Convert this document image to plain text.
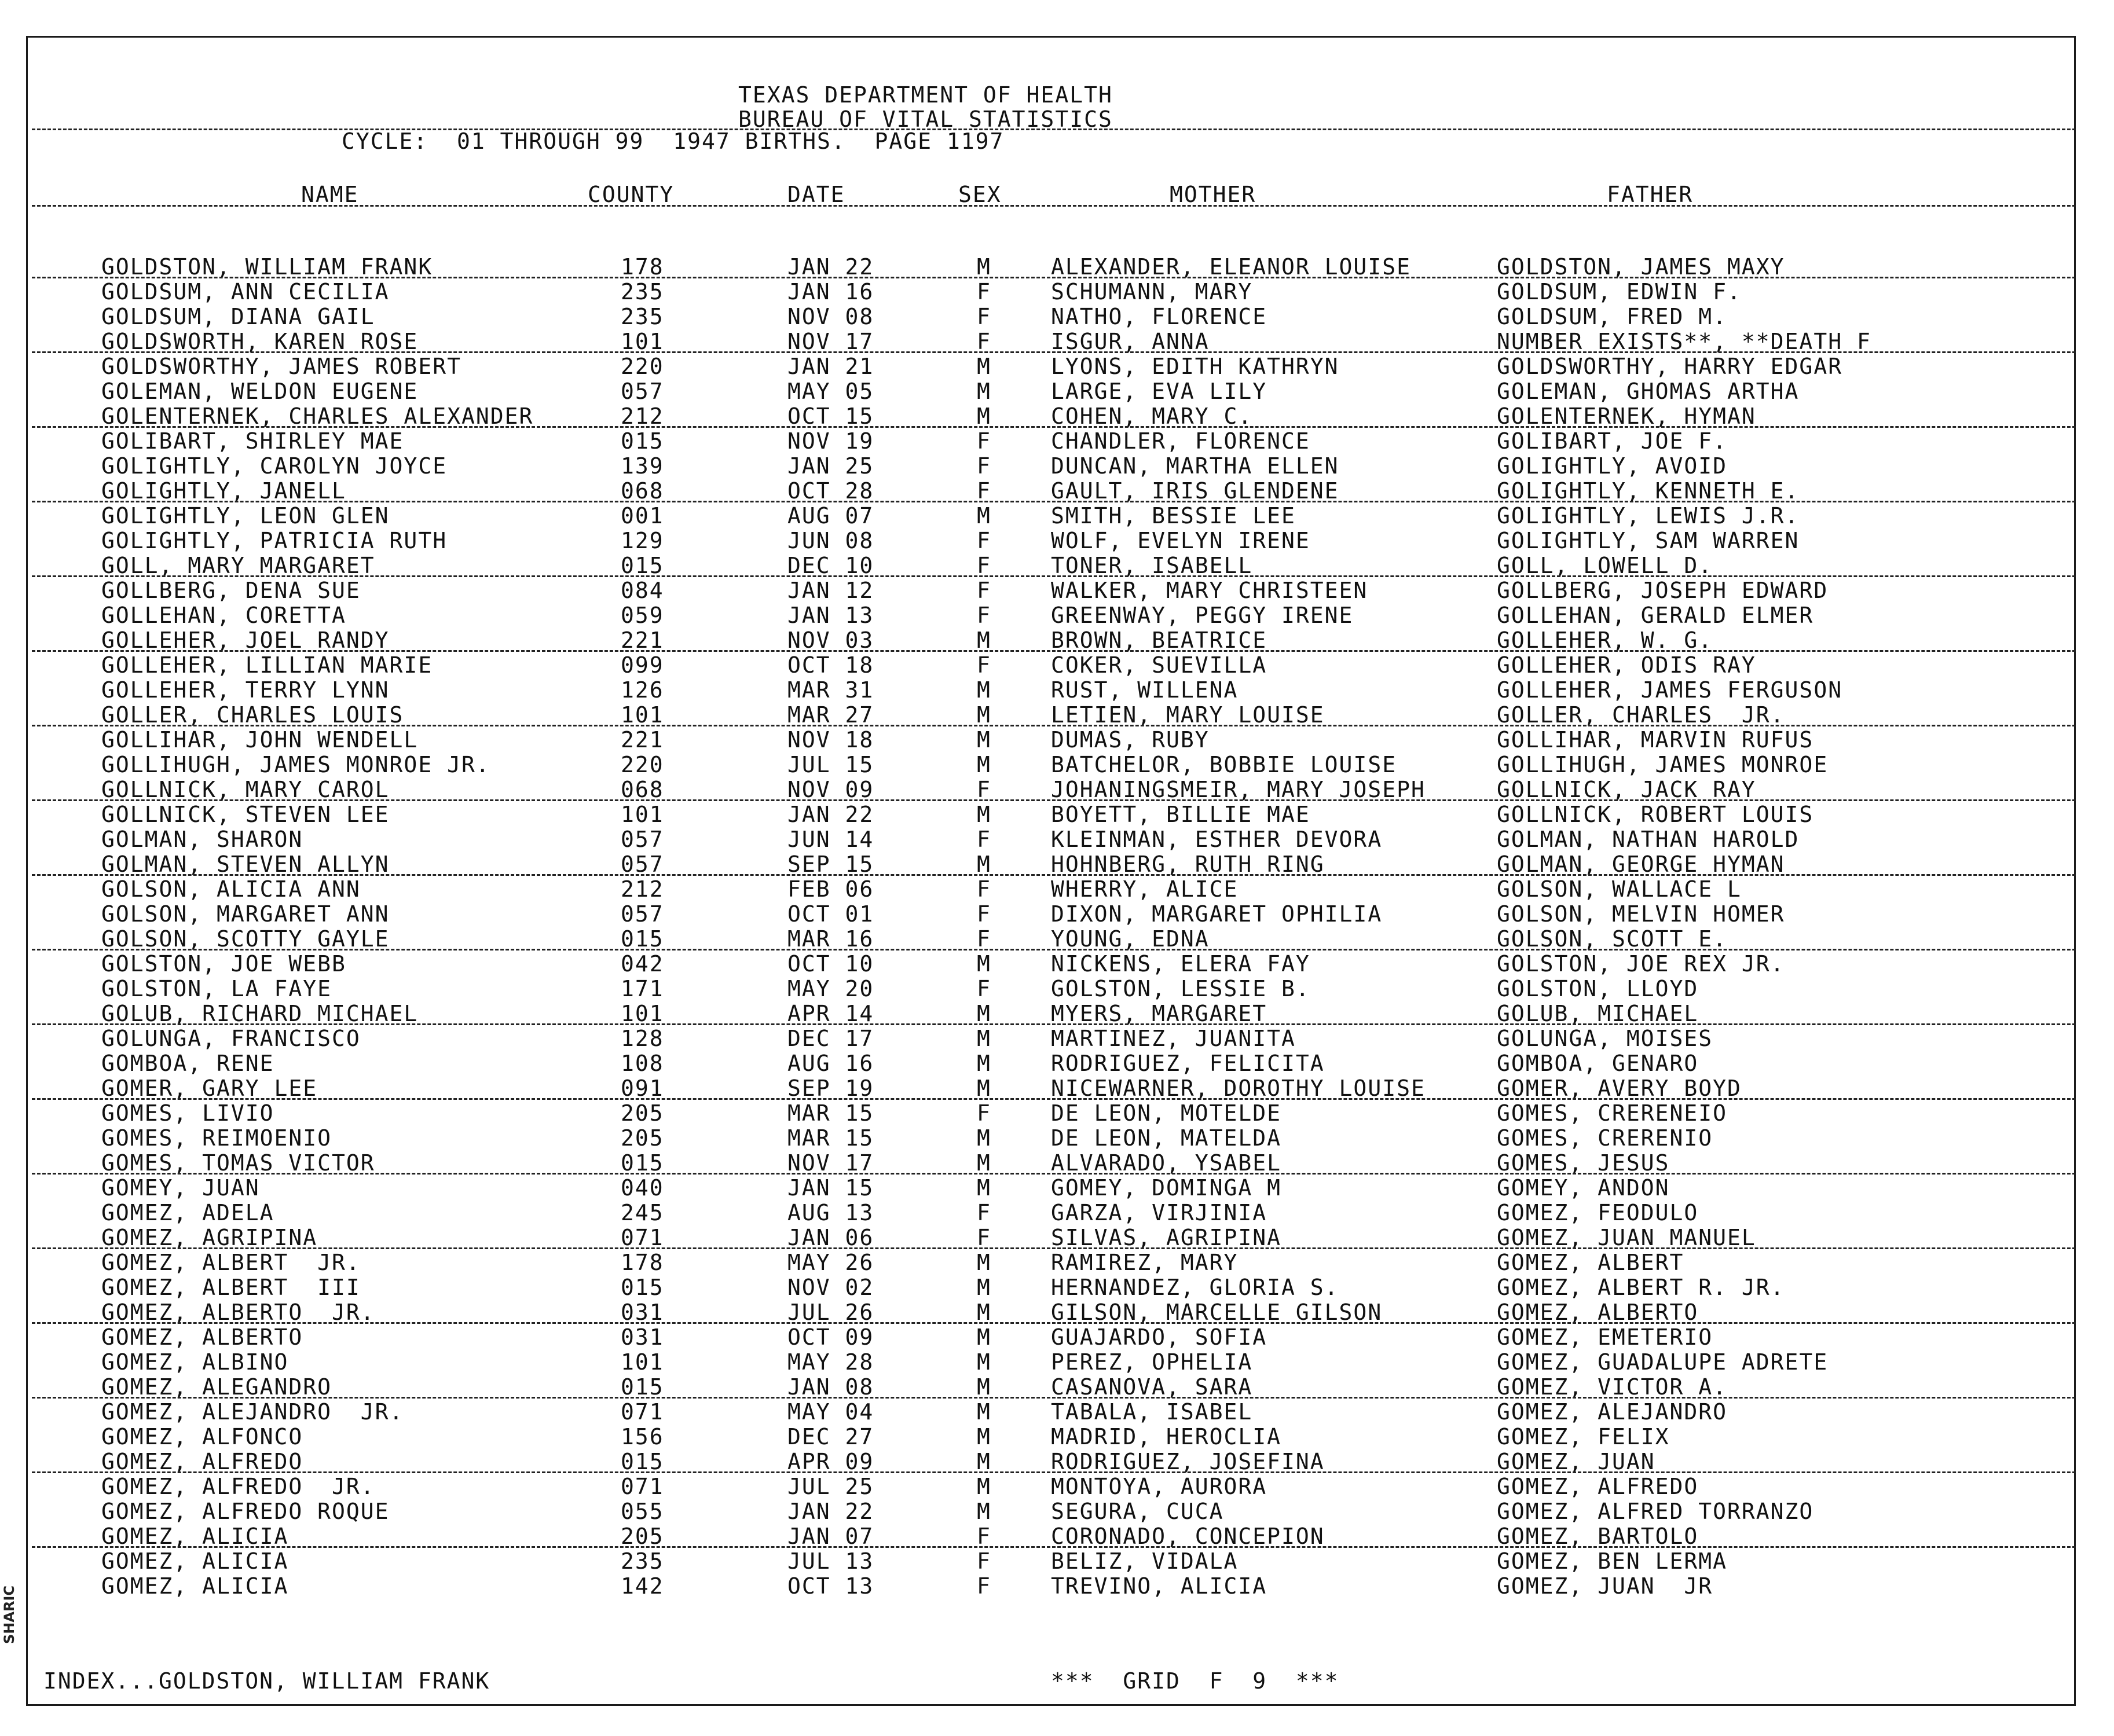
TEXAS DEPARTMENT OF HEALTH
BUREAU OF VITAL STATISTICS
CYCLE:  01 THROUGH 99  1947 BIRTHS.  PAGE 1197
NAME	COUNTY	DATE	SEX	MOTHER	FATHER
GOLDSTON, WILLIAM FRANK	178	JAN 22	M	ALEXANDER, ELEANOR LOUISE	GOLDSTON, JAMES MAXY
GOLDSUM, ANN CECILIA	235	JAN 16	F	SCHUMANN, MARY	GOLDSUM, EDWIN F.
GOLDSUM, DIANA GAIL	235	NOV 08	F	NATHO, FLORENCE	GOLDSUM, FRED M.
GOLDSWORTH, KAREN ROSE	101	NOV 17	F	ISGUR, ANNA	NUMBER EXISTS**, **DEATH F
GOLDSWORTHY, JAMES ROBERT	220	JAN 21	M	LYONS, EDITH KATHRYN	GOLDSWORTHY, HARRY EDGAR
GOLEMAN, WELDON EUGENE	057	MAY 05	M	LARGE, EVA LILY	GOLEMAN, GHOMAS ARTHA
GOLENTERNEK, CHARLES ALEXANDER	212	OCT 15	M	COHEN, MARY C.	GOLENTERNEK, HYMAN
GOLIBART, SHIRLEY MAE	015	NOV 19	F	CHANDLER, FLORENCE	GOLIBART, JOE F.
GOLIGHTLY, CAROLYN JOYCE	139	JAN 25	F	DUNCAN, MARTHA ELLEN	GOLIGHTLY, AVOID
GOLIGHTLY, JANELL	068	OCT 28	F	GAULT, IRIS GLENDENE	GOLIGHTLY, KENNETH E.
GOLIGHTLY, LEON GLEN	001	AUG 07	M	SMITH, BESSIE LEE	GOLIGHTLY, LEWIS J.R.
GOLIGHTLY, PATRICIA RUTH	129	JUN 08	F	WOLF, EVELYN IRENE	GOLIGHTLY, SAM WARREN
GOLL, MARY MARGARET	015	DEC 10	F	TONER, ISABELL	GOLL, LOWELL D.
GOLLBERG, DENA SUE	084	JAN 12	F	WALKER, MARY CHRISTEEN	GOLLBERG, JOSEPH EDWARD
GOLLEHAN, CORETTA	059	JAN 13	F	GREENWAY, PEGGY IRENE	GOLLEHAN, GERALD ELMER
GOLLEHER, JOEL RANDY	221	NOV 03	M	BROWN, BEATRICE	GOLLEHER, W. G.
GOLLEHER, LILLIAN MARIE	099	OCT 18	F	COKER, SUEVILLA	GOLLEHER, ODIS RAY
GOLLEHER, TERRY LYNN	126	MAR 31	M	RUST, WILLENA	GOLLEHER, JAMES FERGUSON
GOLLER, CHARLES LOUIS	101	MAR 27	M	LETIEN, MARY LOUISE	GOLLER, CHARLES  JR.
GOLLIHAR, JOHN WENDELL	221	NOV 18	M	DUMAS, RUBY	GOLLIHAR, MARVIN RUFUS
GOLLIHUGH, JAMES MONROE JR.	220	JUL 15	M	BATCHELOR, BOBBIE LOUISE	GOLLIHUGH, JAMES MONROE
GOLLNICK, MARY CAROL	068	NOV 09	F	JOHANINGSMEIR, MARY JOSEPH	GOLLNICK, JACK RAY
GOLLNICK, STEVEN LEE	101	JAN 22	M	BOYETT, BILLIE MAE	GOLLNICK, ROBERT LOUIS
GOLMAN, SHARON	057	JUN 14	F	KLEINMAN, ESTHER DEVORA	GOLMAN, NATHAN HAROLD
GOLMAN, STEVEN ALLYN	057	SEP 15	M	HOHNBERG, RUTH RING	GOLMAN, GEORGE HYMAN
GOLSON, ALICIA ANN	212	FEB 06	F	WHERRY, ALICE	GOLSON, WALLACE L
GOLSON, MARGARET ANN	057	OCT 01	F	DIXON, MARGARET OPHILIA	GOLSON, MELVIN HOMER
GOLSON, SCOTTY GAYLE	015	MAR 16	F	YOUNG, EDNA	GOLSON, SCOTT E.
GOLSTON, JOE WEBB	042	OCT 10	M	NICKENS, ELERA FAY	GOLSTON, JOE REX JR.
GOLSTON, LA FAYE	171	MAY 20	F	GOLSTON, LESSIE B.	GOLSTON, LLOYD
GOLUB, RICHARD MICHAEL	101	APR 14	M	MYERS, MARGARET	GOLUB, MICHAEL
GOLUNGA, FRANCISCO	128	DEC 17	M	MARTINEZ, JUANITA	GOLUNGA, MOISES
GOMBOA, RENE	108	AUG 16	M	RODRIGUEZ, FELICITA	GOMBOA, GENARO
GOMER, GARY LEE	091	SEP 19	M	NICEWARNER, DOROTHY LOUISE	GOMER, AVERY BOYD
GOMES, LIVIO	205	MAR 15	F	DE LEON, MOTELDE	GOMES, CRERENEIO
GOMES, REIMOENIO	205	MAR 15	M	DE LEON, MATELDA	GOMES, CRERENIO
GOMES, TOMAS VICTOR	015	NOV 17	M	ALVARADO, YSABEL	GOMES, JESUS
GOMEY, JUAN	040	JAN 15	M	GOMEY, DOMINGA M	GOMEY, ANDON
GOMEZ, ADELA	245	AUG 13	F	GARZA, VIRJINIA	GOMEZ, FEODULO
GOMEZ, AGRIPINA	071	JAN 06	F	SILVAS, AGRIPINA	GOMEZ, JUAN MANUEL
GOMEZ, ALBERT  JR.	178	MAY 26	M	RAMIREZ, MARY	GOMEZ, ALBERT
GOMEZ, ALBERT  III	015	NOV 02	M	HERNANDEZ, GLORIA S.	GOMEZ, ALBERT R. JR.
GOMEZ, ALBERTO  JR.	031	JUL 26	M	GILSON, MARCELLE GILSON	GOMEZ, ALBERTO
GOMEZ, ALBERTO	031	OCT 09	M	GUAJARDO, SOFIA	GOMEZ, EMETERIO
GOMEZ, ALBINO	101	MAY 28	M	PEREZ, OPHELIA	GOMEZ, GUADALUPE ADRETE
GOMEZ, ALEGANDRO	015	JAN 08	M	CASANOVA, SARA	GOMEZ, VICTOR A.
GOMEZ, ALEJANDRO  JR.	071	MAY 04	M	TABALA, ISABEL	GOMEZ, ALEJANDRO
GOMEZ, ALFONCO	156	DEC 27	M	MADRID, HEROCLIA	GOMEZ, FELIX
GOMEZ, ALFREDO	015	APR 09	M	RODRIGUEZ, JOSEFINA	GOMEZ, JUAN
GOMEZ, ALFREDO  JR.	071	JUL 25	M	MONTOYA, AURORA	GOMEZ, ALFREDO
GOMEZ, ALFREDO ROQUE	055	JAN 22	M	SEGURA, CUCA	GOMEZ, ALFRED TORRANZO
GOMEZ, ALICIA	205	JAN 07	F	CORONADO, CONCEPION	GOMEZ, BARTOLO
GOMEZ, ALICIA	235	JUL 13	F	BELIZ, VIDALA	GOMEZ, BEN LERMA
GOMEZ, ALICIA	142	OCT 13	F	TREVINO, ALICIA	GOMEZ, JUAN  JR
INDEX...GOLDSTON, WILLIAM FRANK	***  GRID  F  9  ***
SHARIC
